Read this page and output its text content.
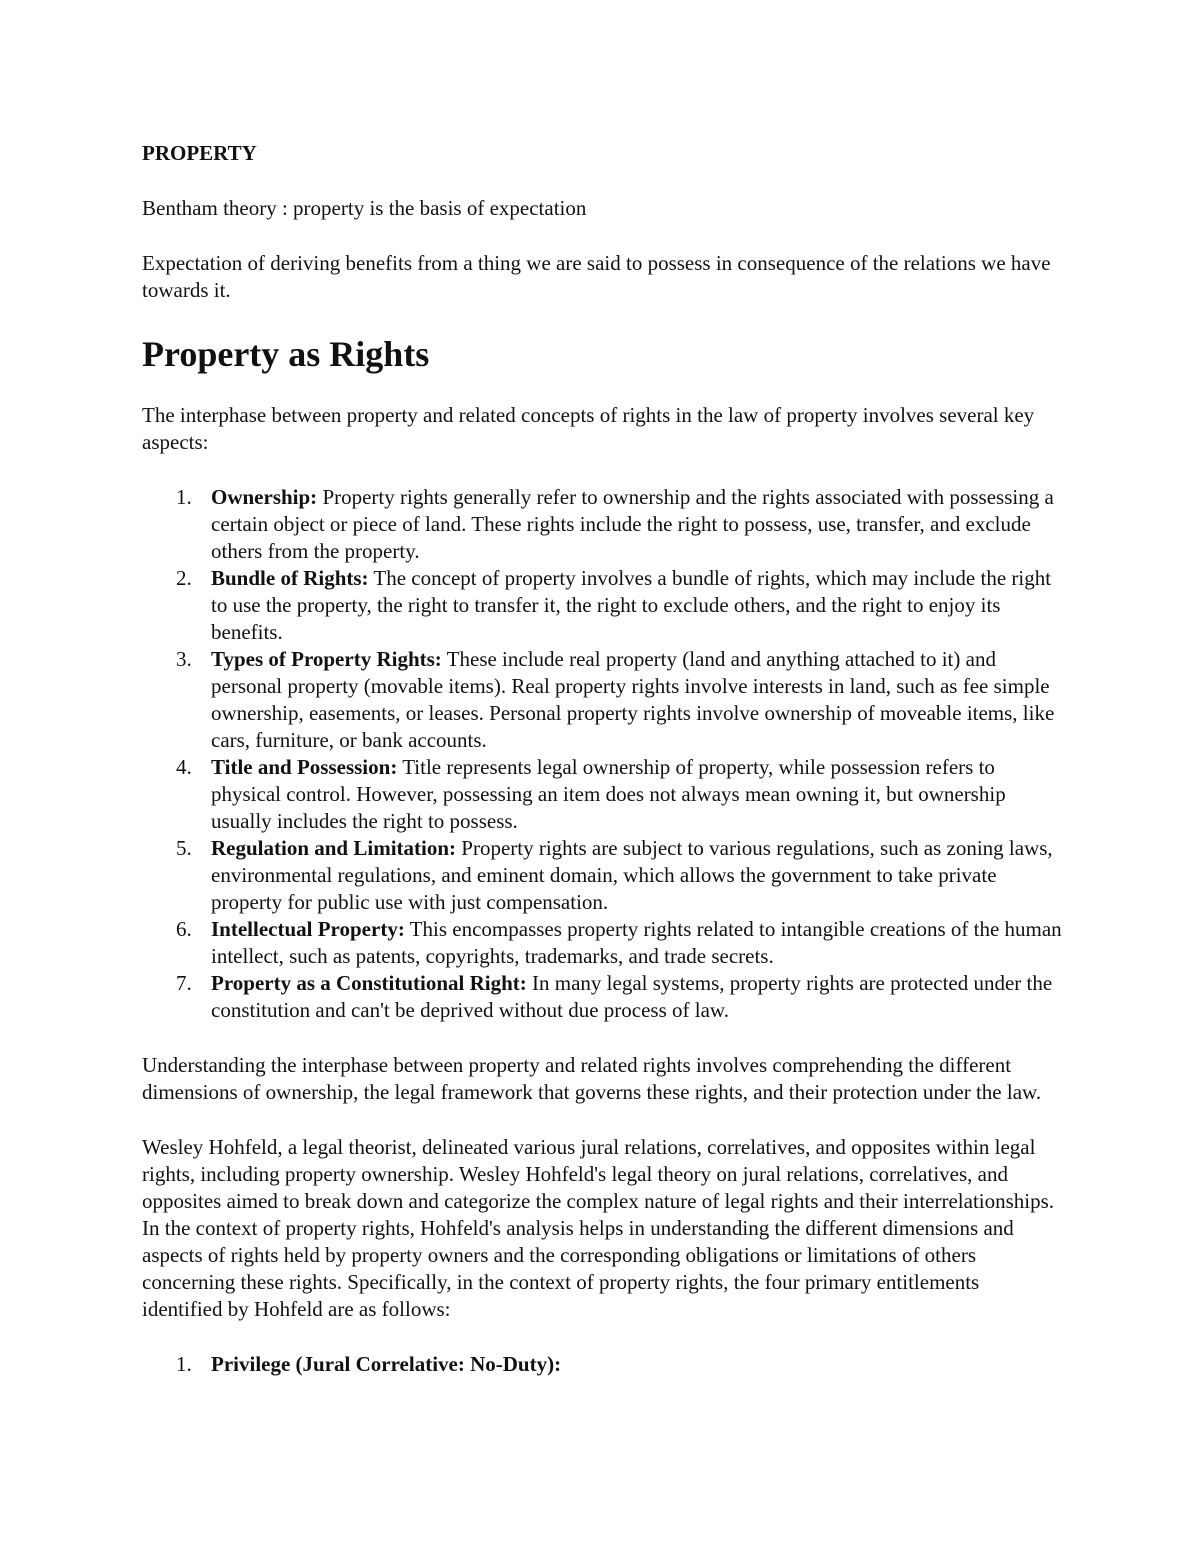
PROPERTY

Bentham theory : property is the basis of expectation

Expectation of deriving benefits from a thing we are said to possess in consequence of the relations we have towards it.

Property as Rights

The interphase between property and related concepts of rights in the law of property involves several key aspects:

1. Ownership: Property rights generally refer to ownership and the rights associated with possessing a certain object or piece of land. These rights include the right to possess, use, transfer, and exclude others from the property.
2. Bundle of Rights: The concept of property involves a bundle of rights, which may include the right to use the property, the right to transfer it, the right to exclude others, and the right to enjoy its benefits.
3. Types of Property Rights: These include real property (land and anything attached to it) and personal property (movable items). Real property rights involve interests in land, such as fee simple ownership, easements, or leases. Personal property rights involve ownership of moveable items, like cars, furniture, or bank accounts.
4. Title and Possession: Title represents legal ownership of property, while possession refers to physical control. However, possessing an item does not always mean owning it, but ownership usually includes the right to possess.
5. Regulation and Limitation: Property rights are subject to various regulations, such as zoning laws, environmental regulations, and eminent domain, which allows the government to take private property for public use with just compensation.
6. Intellectual Property: This encompasses property rights related to intangible creations of the human intellect, such as patents, copyrights, trademarks, and trade secrets.
7. Property as a Constitutional Right: In many legal systems, property rights are protected under the constitution and can't be deprived without due process of law.

Understanding the interphase between property and related rights involves comprehending the different dimensions of ownership, the legal framework that governs these rights, and their protection under the law.

Wesley Hohfeld, a legal theorist, delineated various jural relations, correlatives, and opposites within legal rights, including property ownership. Wesley Hohfeld's legal theory on jural relations, correlatives, and opposites aimed to break down and categorize the complex nature of legal rights and their interrelationships. In the context of property rights, Hohfeld's analysis helps in understanding the different dimensions and aspects of rights held by property owners and the corresponding obligations or limitations of others concerning these rights. Specifically, in the context of property rights, the four primary entitlements identified by Hohfeld are as follows:

1. Privilege (Jural Correlative: No-Duty):
